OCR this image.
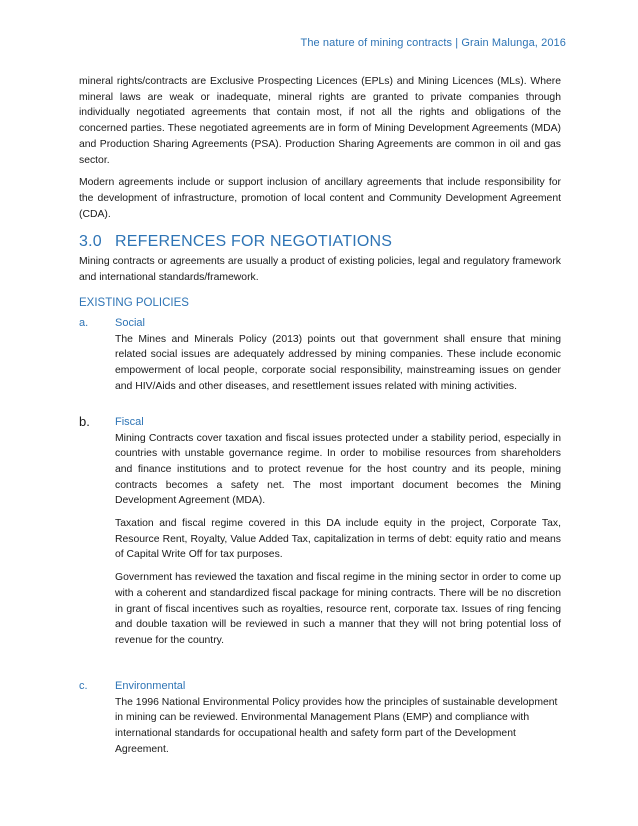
The nature of mining contracts | Grain Malunga, 2016

mineral rights/contracts are Exclusive Prospecting Licences (EPLs) and Mining Licences (MLs). Where mineral laws are weak or inadequate, mineral rights are granted to private companies through individually negotiated agreements that contain most, if not all the rights and obligations of the concerned parties. These negotiated agreements are in form of Mining Development Agreements (MDA) and Production Sharing Agreements (PSA). Production Sharing Agreements are common in oil and gas sector.

Modern agreements include or support inclusion of ancillary agreements that include responsibility for the development of infrastructure, promotion of local content and Community Development Agreement (CDA).

3.0 REFERENCES FOR NEGOTIATIONS

Mining contracts or agreements are usually a product of existing policies, legal and regulatory framework and international standards/framework.

EXISTING POLICIES
a.	Social

The Mines and Minerals Policy (2013) points out that government shall ensure that mining related social issues are adequately addressed by mining companies. These include economic empowerment of local people, corporate social responsibility, mainstreaming issues on gender and HIV/Aids and other diseases, and resettlement issues related with mining activities.

b.	Fiscal

Mining Contracts cover taxation and fiscal issues protected under a stability period, especially in countries with unstable governance regime. In order to mobilise resources from shareholders and finance institutions and to protect revenue for the host country and its people, mining contracts becomes a safety net. The most important document becomes the Mining Development Agreement (MDA).

Taxation and fiscal regime covered in this DA include equity in the project, Corporate Tax, Resource Rent, Royalty, Value Added Tax, capitalization in terms of debt: equity ratio and means of Capital Write Off for tax purposes.

Government has reviewed the taxation and fiscal regime in the mining sector in order to come up with a coherent and standardized fiscal package for mining contracts. There will be no discretion in grant of fiscal incentives such as royalties, resource rent, corporate tax. Issues of ring fencing and double taxation will be reviewed in such a manner that they will not bring potential loss of revenue for the country.

c.	Environmental

The 1996 National Environmental Policy provides how the principles of sustainable development in mining can be reviewed. Environmental Management Plans (EMP) and compliance with international standards for occupational health and safety form part of the Development Agreement.
